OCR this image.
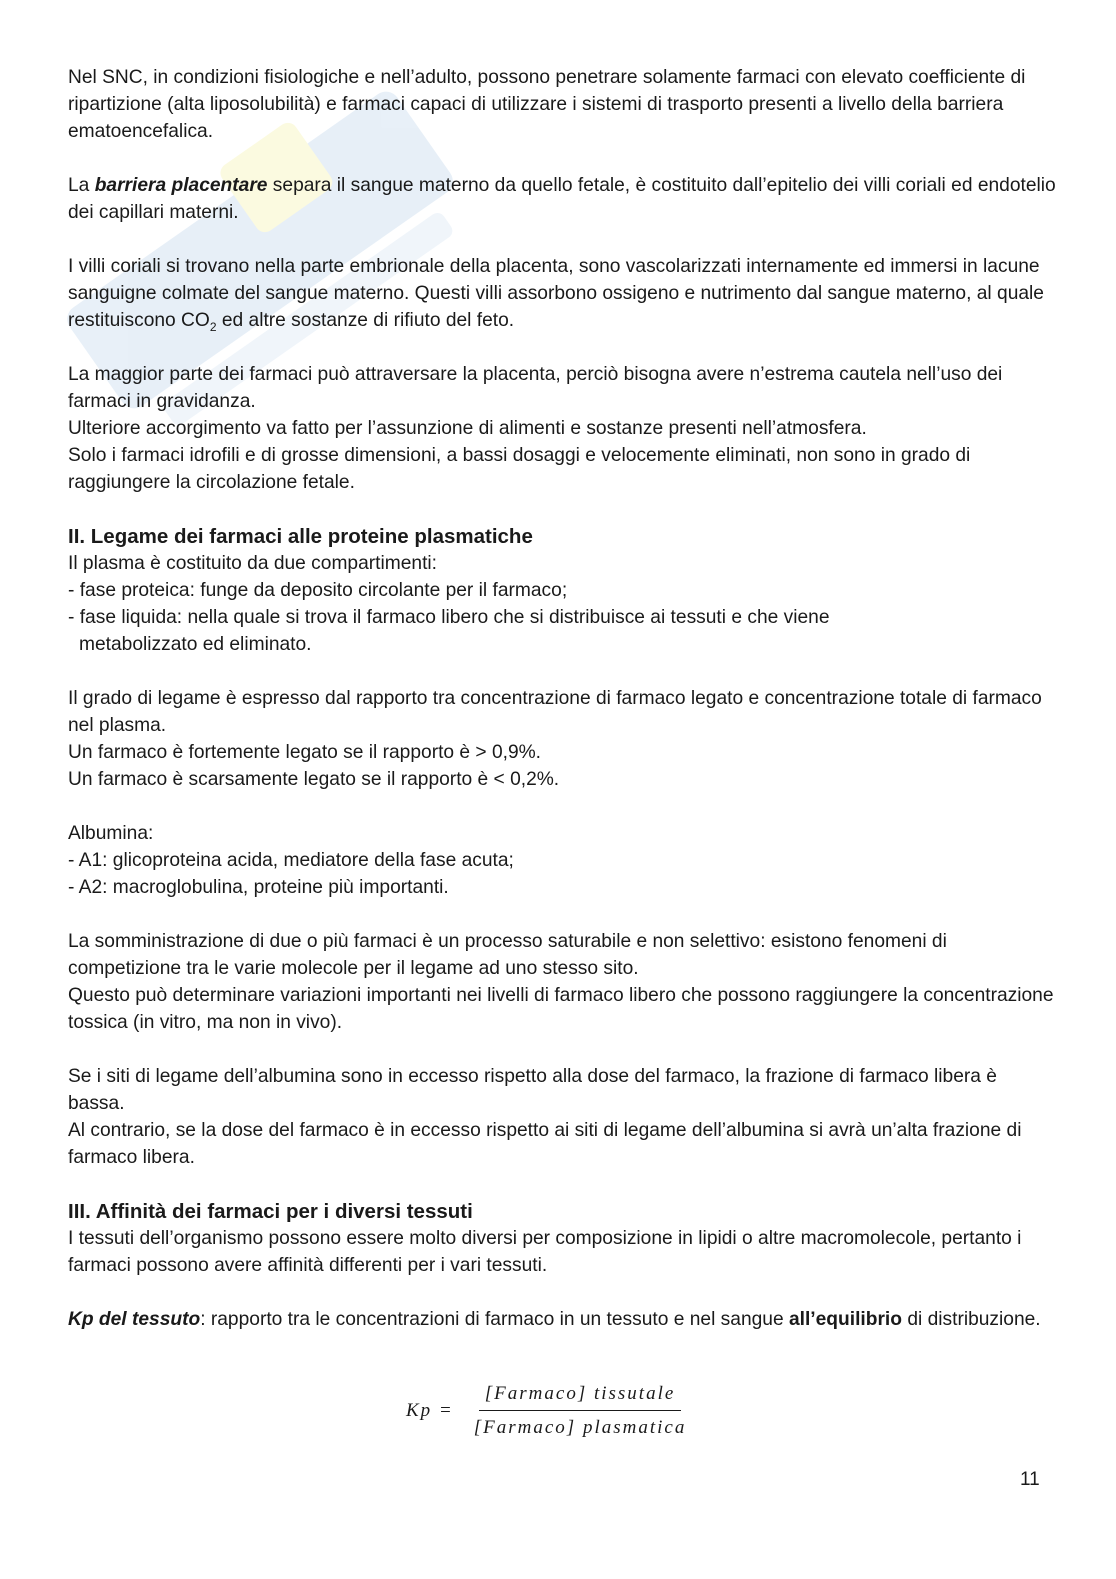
Nel SNC, in condizioni fisiologiche e nell’adulto, possono penetrare solamente farmaci con elevato coefficiente di ripartizione (alta liposolubilità) e farmaci capaci di utilizzare i sistemi di trasporto presenti a livello della barriera ematoencefalica.

La barriera placentare separa il sangue materno da quello fetale, è costituito dall’epitelio dei villi coriali ed endotelio dei capillari materni.

I villi coriali si trovano nella parte embrionale della placenta, sono vascolarizzati internamente ed immersi in lacune sanguigne colmate del sangue materno. Questi villi assorbono ossigeno e nutrimento dal sangue materno, al quale restituiscono $CO_2$ ed altre sostanze di rifiuto del feto.

La maggior parte dei farmaci può attraversare la placenta, perciò bisogna avere n’estrema cautela nell’uso dei farmaci in gravidanza.
Ulteriore accorgimento va fatto per l’assunzione di alimenti e sostanze presenti nell’atmosfera.
Solo i farmaci idrofili e di grosse dimensioni, a bassi dosaggi e velocemente eliminati, non sono in grado di raggiungere la circolazione fetale.

II. Legame dei farmaci alle proteine plasmatiche

Il plasma è costituito da due compartimenti:
- fase proteica: funge da deposito circolante per il farmaco;
- fase liquida: nella quale si trova il farmaco libero che si distribuisce ai tessuti e che viene
metabolizzato ed eliminato.

Il grado di legame è espresso dal rapporto tra concentrazione di farmaco legato e concentrazione totale di farmaco nel plasma.
Un farmaco è fortemente legato se il rapporto è > 0,9%.
Un farmaco è scarsamente legato se il rapporto è < 0,2%.

Albumina:
- A1: glicoproteina acida, mediatore della fase acuta;
- A2: macroglobulina, proteine più importanti.

La somministrazione di due o più farmaci è un processo saturabile e non selettivo: esistono fenomeni di competizione tra le varie molecole per il legame ad uno stesso sito.
Questo può determinare variazioni importanti nei livelli di farmaco libero che possono raggiungere la concentrazione tossica (in vitro, ma non in vivo).

Se i siti di legame dell’albumina sono in eccesso rispetto alla dose del farmaco, la frazione di farmaco libera è bassa.
Al contrario, se la dose del farmaco è in eccesso rispetto ai siti di legame dell’albumina si avrà un’alta frazione di farmaco libera.

III. Affinità dei farmaci per i diversi tessuti

I tessuti dell’organismo possono essere molto diversi per composizione in lipidi o altre macromolecole, pertanto i farmaci possono avere affinità differenti per i vari tessuti.

Kp del tessuto: rapporto tra le concentrazioni di farmaco in un tessuto e nel sangue all’equilibrio di distribuzione.

$Kp = \frac{\text{[Farmaco] tissutale}}{\text{[Farmaco] plasmatica}}$
11
